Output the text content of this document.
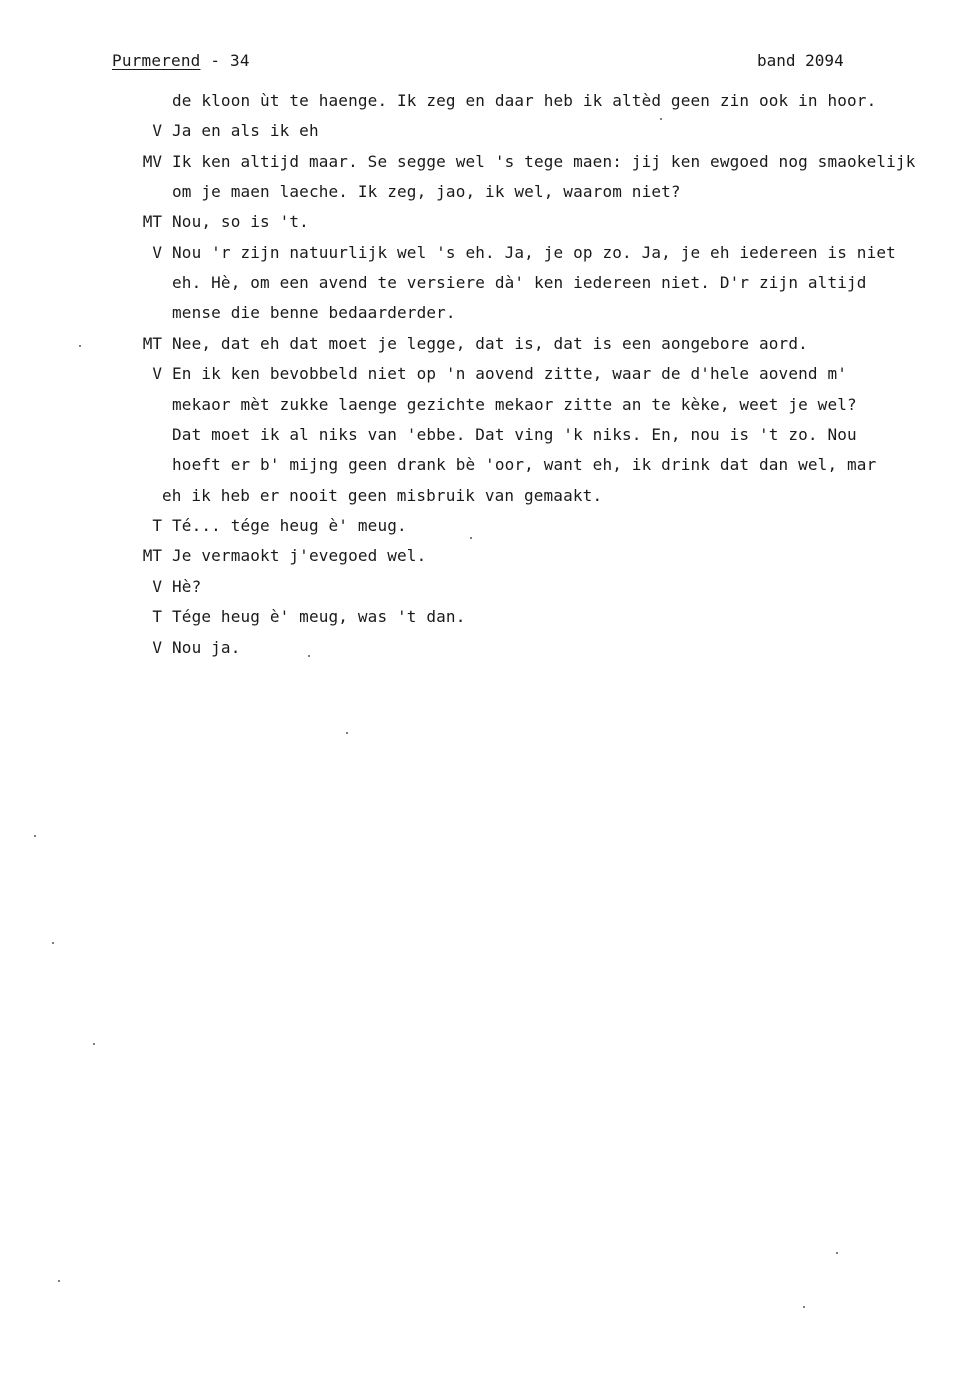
Purmerend - 34	band 2094
de kloon ùt te haenge. Ik zeg en daar heb ik altèd geen zin ook in hoor.
V Ja en als ik eh
MV Ik ken altijd maar. Se segge wel 's tege maen: jij ken ewgoed nog smaokelijk
om je maen laeche. Ik zeg, jao, ik wel, waarom niet?
MT Nou, so is 't.
V Nou 'r zijn natuurlijk wel 's eh. Ja, je op zo. Ja, je eh iedereen is niet
eh. Hè, om een avend te versiere dà' ken iedereen niet. D'r zijn altijd
mense die benne bedaarderder.
MT Nee, dat eh dat moet je legge, dat is, dat is een aongebore aord.
V En ik ken bevobbeld niet op 'n aovend zitte, waar de d'hele aovend m'
mekaor mèt zukke laenge gezichte mekaor zitte an te kèke, weet je wel?
Dat moet ik al niks van 'ebbe. Dat ving 'k niks. En, nou is 't zo. Nou
hoeft er b' mijng geen drank bè 'oor, want eh, ik drink dat dan wel, mar
eh ik heb er nooit geen misbruik van gemaakt.
T Té... tége heug è' meug.
MT Je vermaokt j'evegoed wel.
V Hè?
T Tége heug è' meug, was 't dan.
V Nou ja.
